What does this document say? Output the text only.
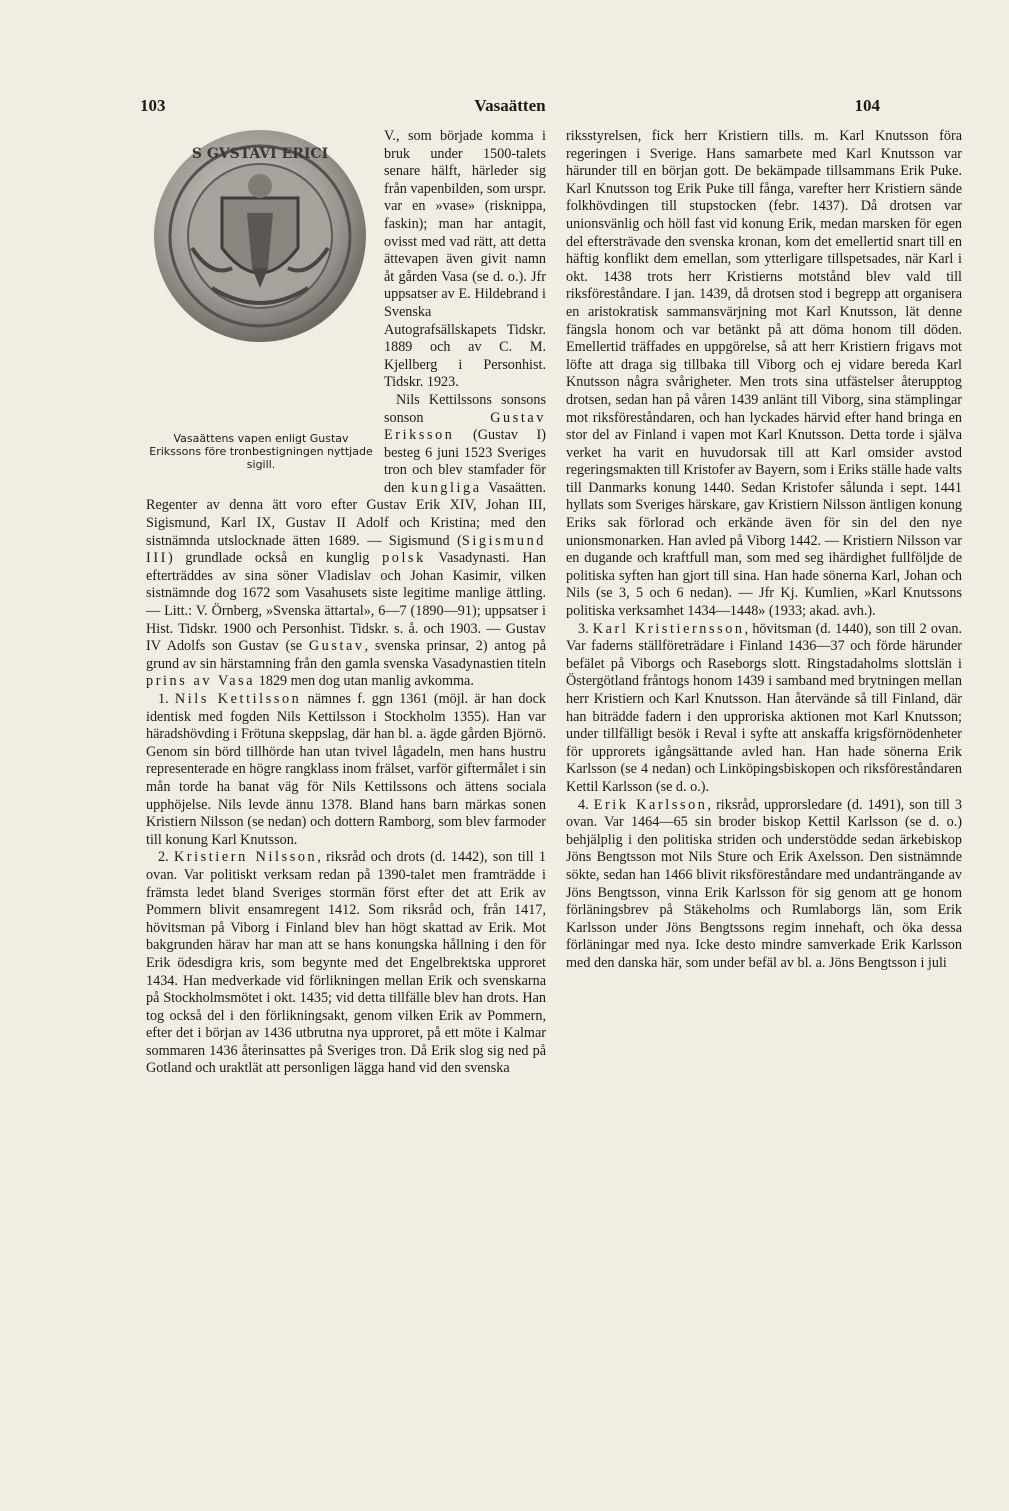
103	Vasaätten	104
S GVSTAVI ERICI
Vasaättens vapen enligt Gustav Erikssons före tronbestigningen nyttjade sigill.

V., som började komma i bruk under 1500-talets senare hälft, härleder sig från vapenbilden, som urspr. var en »vase» (risknippa, faskin); man har antagit, ovisst med vad rätt, att detta ättevapen även givit namn åt gården Vasa (se d. o.). Jfr uppsatser av E. Hildebrand i Svenska Autografsällskapets Tidskr. 1889 och av C. M. Kjellberg i Personhist. Tidskr. 1923.

Nils Kettilssons sonsons sonson Gustav Eriksson (Gustav I) besteg 6 juni 1523 Sveriges tron och blev stamfader för den kungliga Vasaätten. Regenter av denna ätt voro efter Gustav Erik XIV, Johan III, Sigismund, Karl IX, Gustav II Adolf och Kristina; med den sistnämnda utslocknade ätten 1689. — Sigismund (Sigismund III) grundlade också en kunglig polsk Vasadynasti. Han efterträddes av sina söner Vladislav och Johan Kasimir, vilken sistnämnde dog 1672 som Vasahusets siste legitime manlige ättling. — Litt.: V. Örnberg, »Svenska ättartal», 6—7 (1890—91); uppsatser i Hist. Tidskr. 1900 och Personhist. Tidskr. s. å. och 1903. — Gustav IV Adolfs son Gustav (se Gustav, svenska prinsar, 2) antog på grund av sin härstamning från den gamla svenska Vasadynastien titeln prins av Vasa 1829 men dog utan manlig avkomma.

1. Nils Kettilsson nämnes f. ggn 1361 (möjl. är han dock identisk med fogden Nils Kettilsson i Stockholm 1355). Han var häradshövding i Frötuna skeppslag, där han bl. a. ägde gården Björnö. Genom sin börd tillhörde han utan tvivel lågadeln, men hans hustru representerade en högre rangklass inom frälset, varför giftermålet i sin mån torde ha banat väg för Nils Kettilssons och ättens sociala upphöjelse. Nils levde ännu 1378. Bland hans barn märkas sonen Kristiern Nilsson (se nedan) och dottern Ramborg, som blev farmoder till konung Karl Knutsson.

2. Kristiern Nilsson, riksråd och drots (d. 1442), son till 1 ovan. Var politiskt verksam redan på 1390-talet men framträdde i främsta ledet bland Sveriges stormän först efter det att Erik av Pommern blivit ensamregent 1412. Som riksråd och, från 1417, hövitsman på Viborg i Finland blev han högt skattad av Erik. Mot bakgrunden härav har man att se hans konungska hållning i den för Erik ödesdigra kris, som begynte med det Engelbrektska upproret 1434. Han medverkade vid förlikningen mellan Erik och svenskarna på Stockholmsmötet i okt. 1435; vid detta tillfälle blev han drots. Han tog också del i den förlikningsakt, genom vilken Erik av Pommern, efter det i början av 1436 utbrutna nya upproret, på ett möte i Kalmar sommaren 1436 återinsattes på Sveriges tron. Då Erik slog sig ned på Gotland och uraktlät att personligen lägga hand vid den svenska

riksstyrelsen, fick herr Kristiern tills. m. Karl Knutsson föra regeringen i Sverige. Hans samarbete med Karl Knutsson var härunder till en början gott. De bekämpade tillsammans Erik Puke. Karl Knutsson tog Erik Puke till fånga, varefter herr Kristiern sände folkhövdingen till stupstocken (febr. 1437). Då drotsen var unionsvänlig och höll fast vid konung Erik, medan marsken för egen del eftersträvade den svenska kronan, kom det emellertid snart till en häftig konflikt dem emellan, som ytterligare tillspetsades, när Karl i okt. 1438 trots herr Kristierns motstånd blev vald till riksföreståndare. I jan. 1439, då drotsen stod i begrepp att organisera en aristokratisk sammansvärjning mot Karl Knutsson, lät denne fängsla honom och var betänkt på att döma honom till döden. Emellertid träffades en uppgörelse, så att herr Kristiern frigavs mot löfte att draga sig tillbaka till Viborg och ej vidare bereda Karl Knutsson några svårigheter. Men trots sina utfästelser återupptog drotsen, sedan han på våren 1439 anlänt till Viborg, sina stämplingar mot riksföreståndaren, och han lyckades härvid efter hand bringa en stor del av Finland i vapen mot Karl Knutsson. Detta torde i själva verket ha varit en huvudorsak till att Karl omsider avstod regeringsmakten till Kristofer av Bayern, som i Eriks ställe hade valts till Danmarks konung 1440. Sedan Kristofer sålunda i sept. 1441 hyllats som Sveriges härskare, gav Kristiern Nilsson äntligen konung Eriks sak förlorad och erkände även för sin del den nye unionsmonarken. Han avled på Viborg 1442. — Kristiern Nilsson var en dugande och kraftfull man, som med seg ihärdighet fullföljde de politiska syften han gjort till sina. Han hade sönerna Karl, Johan och Nils (se 3, 5 och 6 nedan). — Jfr Kj. Kumlien, »Karl Knutssons politiska verksamhet 1434—1448» (1933; akad. avh.).

3. Karl Kristiernsson, hövitsman (d. 1440), son till 2 ovan. Var faderns ställföreträdare i Finland 1436—37 och förde härunder befälet på Viborgs och Raseborgs slott. Ringstadaholms slottslän i Östergötland fråntogs honom 1439 i samband med brytningen mellan herr Kristiern och Karl Knutsson. Han återvände så till Finland, där han biträdde fadern i den upproriska aktionen mot Karl Knutsson; under tillfälligt besök i Reval i syfte att anskaffa krigsförnödenheter för upprorets igångsättande avled han. Han hade sönerna Erik Karlsson (se 4 nedan) och Linköpingsbiskopen och riksföreståndaren Kettil Karlsson (se d. o.).

4. Erik Karlsson, riksråd, upprorsledare (d. 1491), son till 3 ovan. Var 1464—65 sin broder biskop Kettil Karlsson (se d. o.) behjälplig i den politiska striden och understödde sedan ärkebiskop Jöns Bengtsson mot Nils Sture och Erik Axelsson. Den sistnämnde sökte, sedan han 1466 blivit riksföreståndare med undanträngande av Jöns Bengtsson, vinna Erik Karlsson för sig genom att ge honom förläningsbrev på Stäkeholms och Rumlaborgs län, som Erik Karlsson under Jöns Bengtssons regim innehaft, och öka dessa förläningar med nya. Icke desto mindre samverkade Erik Karlsson med den danska här, som under befäl av bl. a. Jöns Bengtsson i juli
